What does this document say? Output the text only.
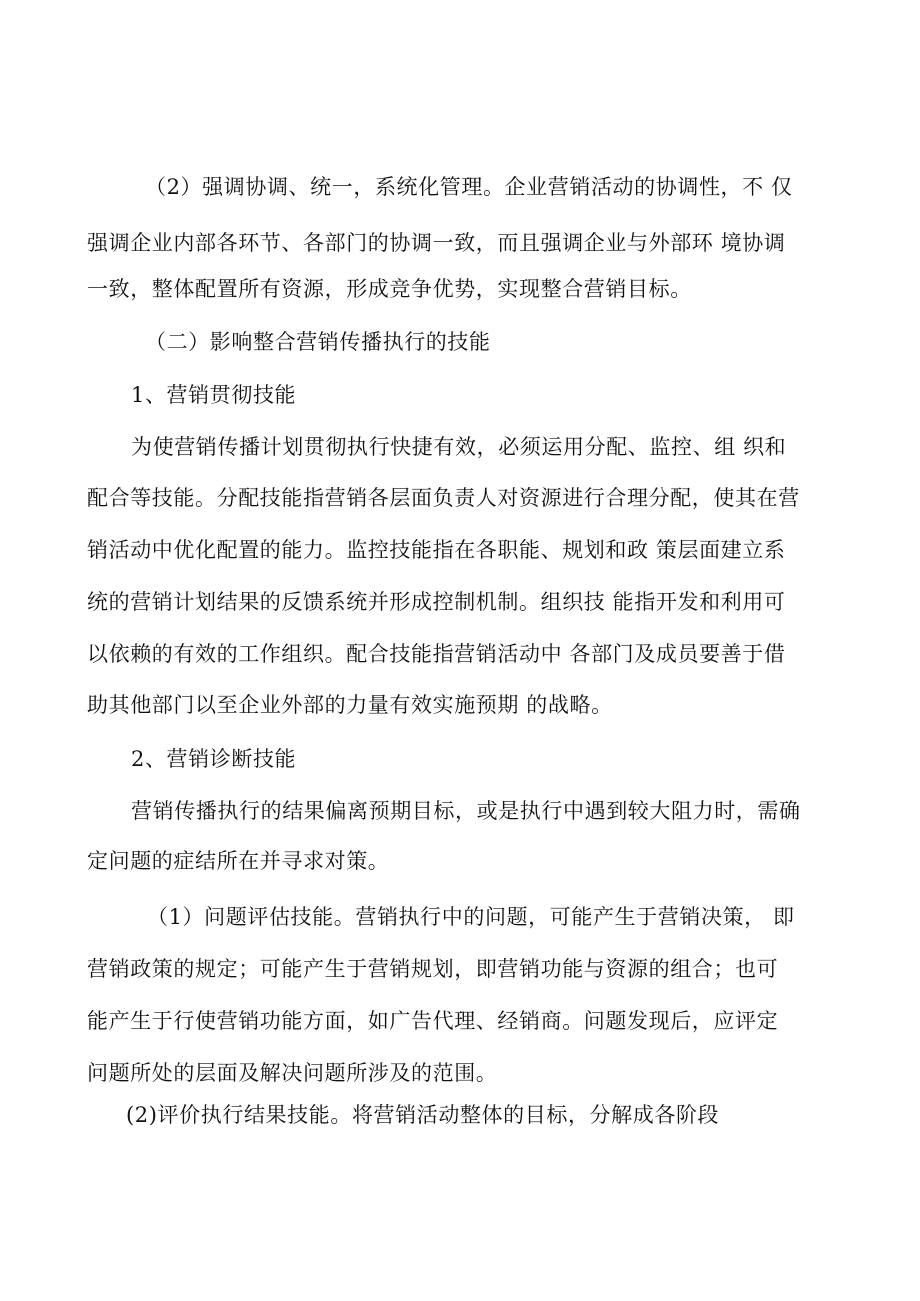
（2）强调协调、统一，系统化管理。企业营销活动的协调性，不 仅
强调企业内部各环节、各部门的协调一致，而且强调企业与外部环 境协调
一致，整体配置所有资源，形成竞争优势，实现整合营销目标。
（二）影响整合营销传播执行的技能
1、营销贯彻技能
为使营销传播计划贯彻执行快捷有效，必须运用分配、监控、组 织和
配合等技能。分配技能指营销各层面负责人对资源进行合理分配，使其在营
销活动中优化配置的能力。监控技能指在各职能、规划和政 策层面建立系
统的营销计划结果的反馈系统并形成控制机制。组织技 能指开发和利用可
以依赖的有效的工作组织。配合技能指营销活动中 各部门及成员要善于借
助其他部门以至企业外部的力量有效实施预期 的战略。
2、营销诊断技能
营销传播执行的结果偏离预期目标，或是执行中遇到较大阻力时，需确
定问题的症结所在并寻求对策。
（1）问题评估技能。营销执行中的问题，可能产生于营销决策， 即
营销政策的规定；可能产生于营销规划，即营销功能与资源的组合；也可
能产生于行使营销功能方面，如广告代理、经销商。问题发现后，应评定
问题所处的层面及解决问题所涉及的范围。
(2)评价执行结果技能。将营销活动整体的目标，分解成各阶段
